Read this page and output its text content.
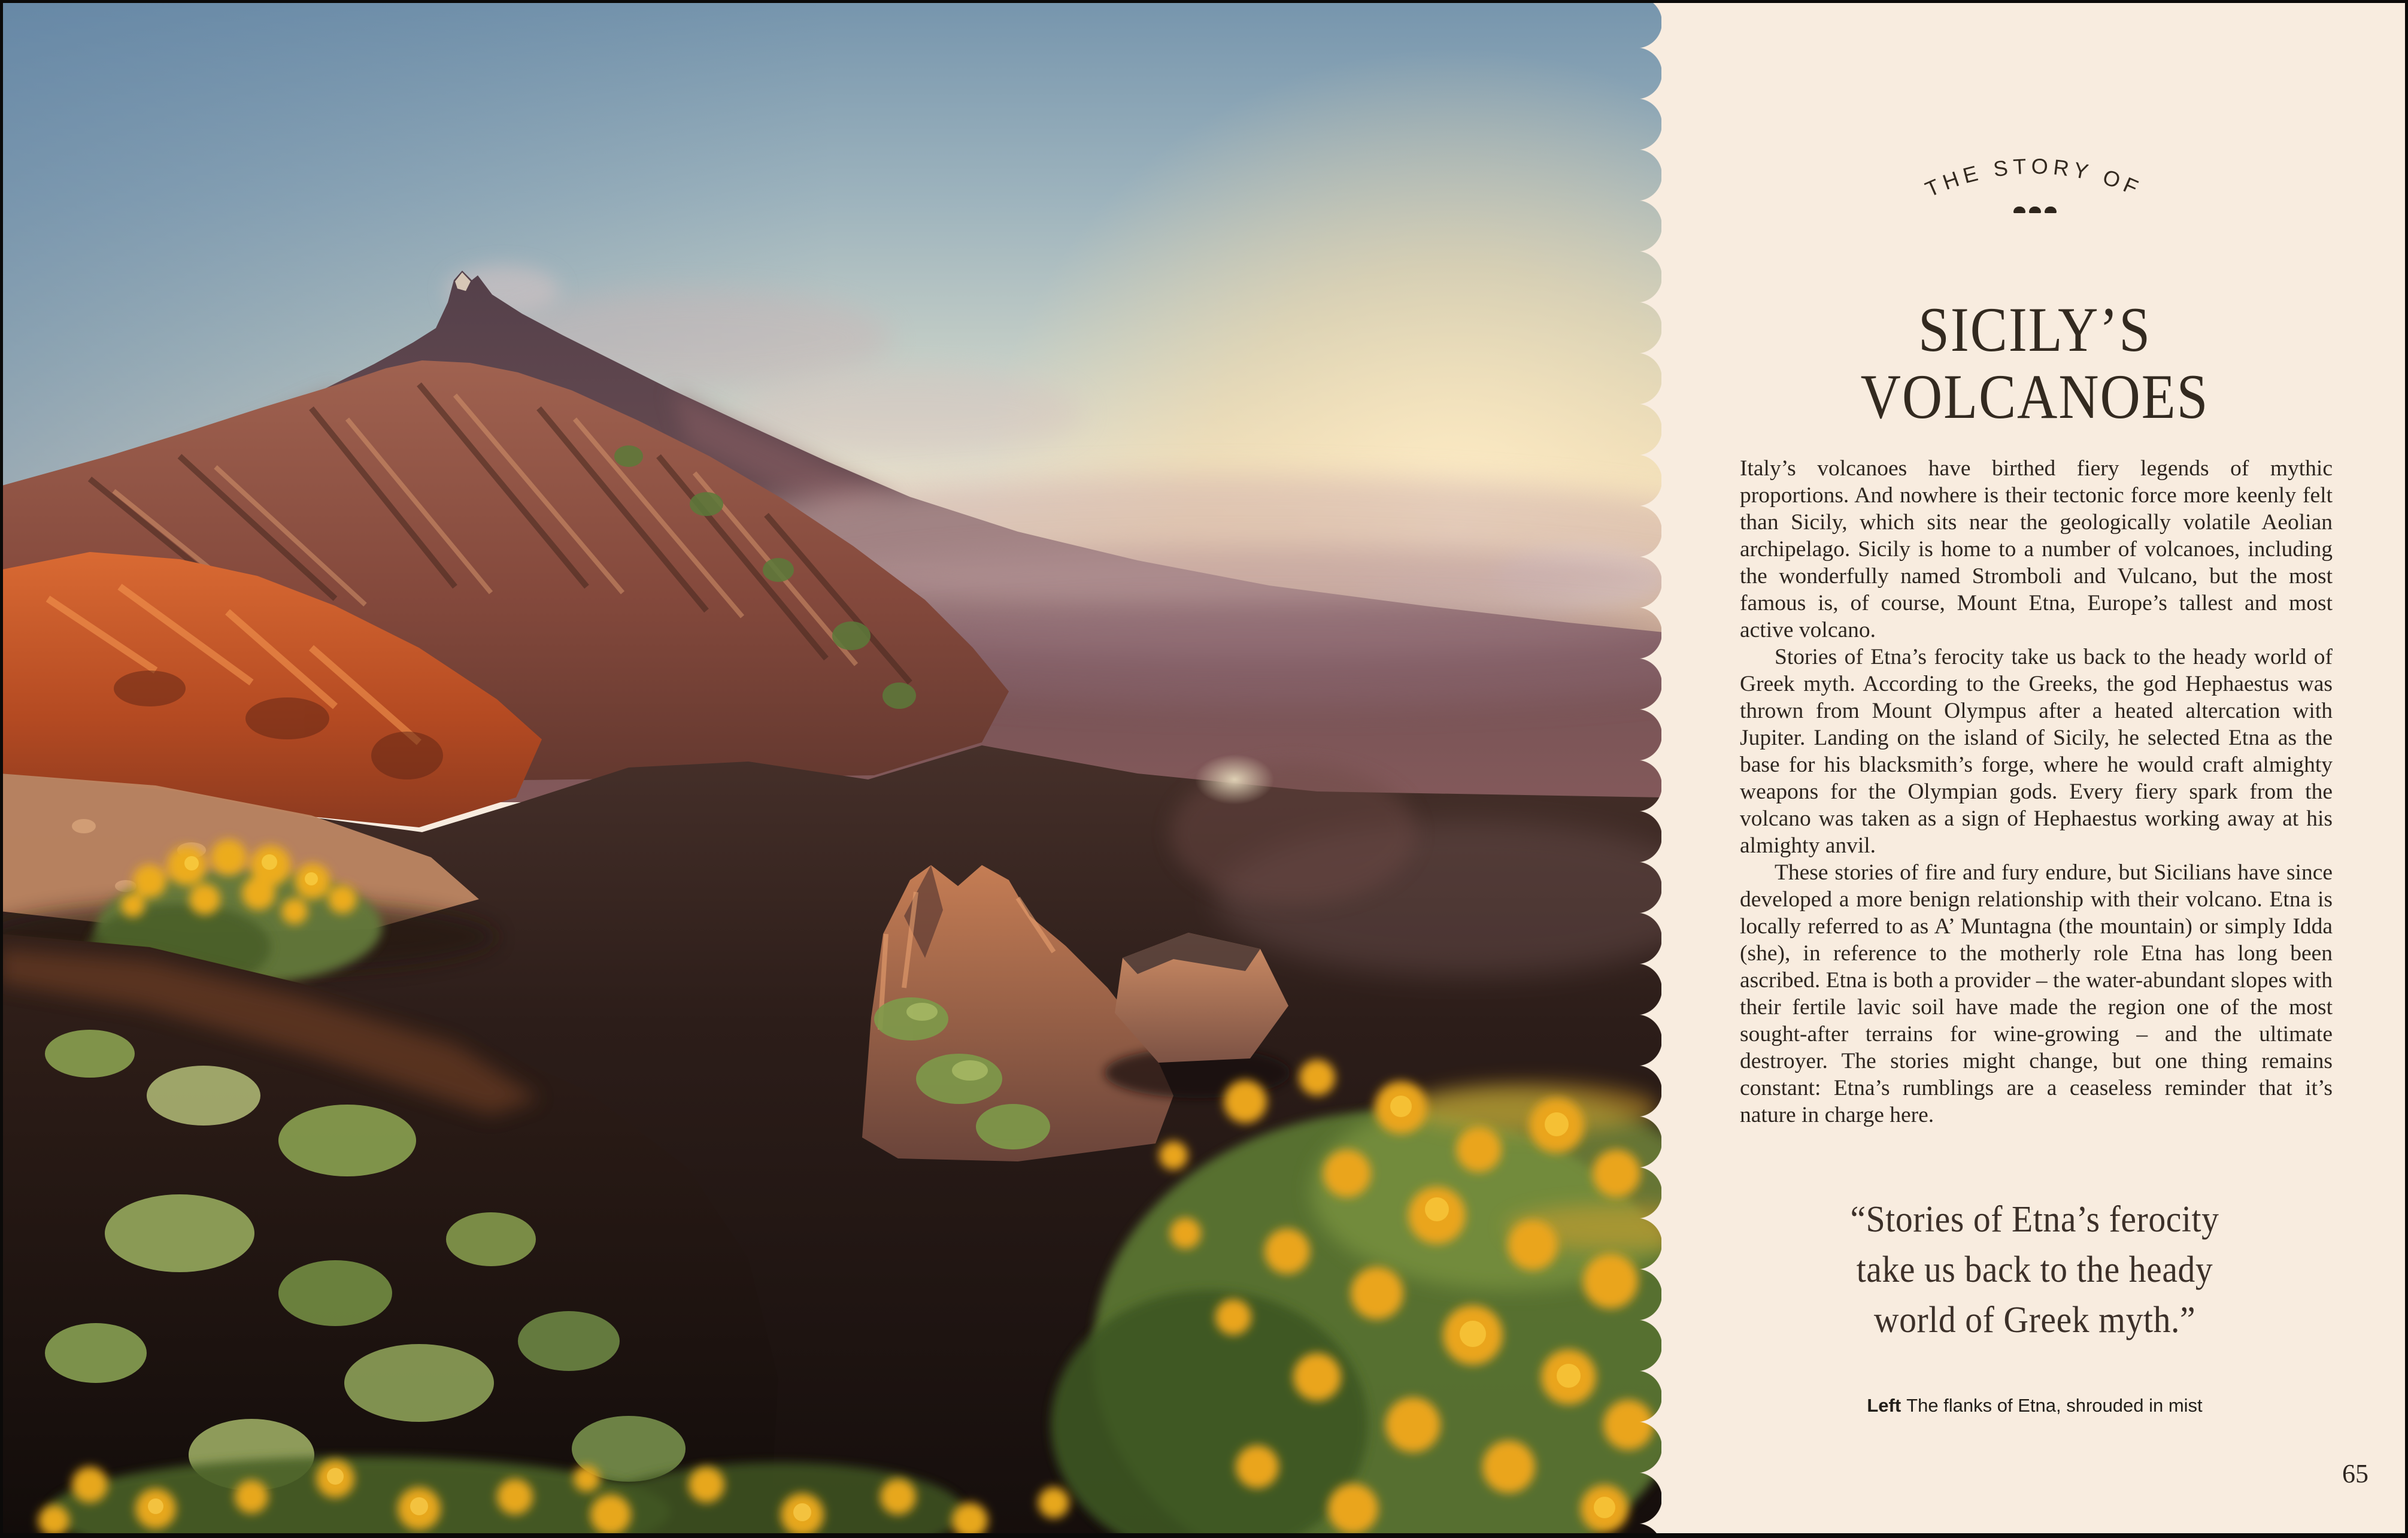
THE STORY OF
SICILY’S
VOLCANOES

Italy’s volcanoes have birthed fiery legends of mythic proportions. And nowhere is their tectonic force more keenly felt than Sicily, which sits near the geologically volatile Aeolian archipelago. Sicily is home to a number of volcanoes, including the wonderfully named Stromboli and Vulcano, but the most famous is, of course, Mount Etna, Europe’s tallest and most active volcano.

Stories of Etna’s ferocity take us back to the heady world of Greek myth. According to the Greeks, the god Hephaestus was thrown from Mount Olympus after a heated altercation with Jupiter. Landing on the island of Sicily, he selected Etna as the base for his blacksmith’s forge, where he would craft almighty weapons for the Olympian gods. Every fiery spark from the volcano was taken as a sign of Hephaestus working away at his almighty anvil.

These stories of fire and fury endure, but Sicilians have since developed a more benign relationship with their volcano. Etna is locally referred to as A’ Muntagna (the mountain) or simply Idda (she), in reference to the motherly role Etna has long been ascribed. Etna is both a provider – the water-abundant slopes with their fertile lavic soil have made the region one of the most sought-after terrains for wine-growing – and the ultimate destroyer. The stories might change, but one thing remains constant: Etna’s rumblings are a ceaseless reminder that it’s nature in charge here.

“Stories of Etna’s ferocity
take us back to the heady
world of Greek myth.”
Left The flanks of Etna, shrouded in mist
65
